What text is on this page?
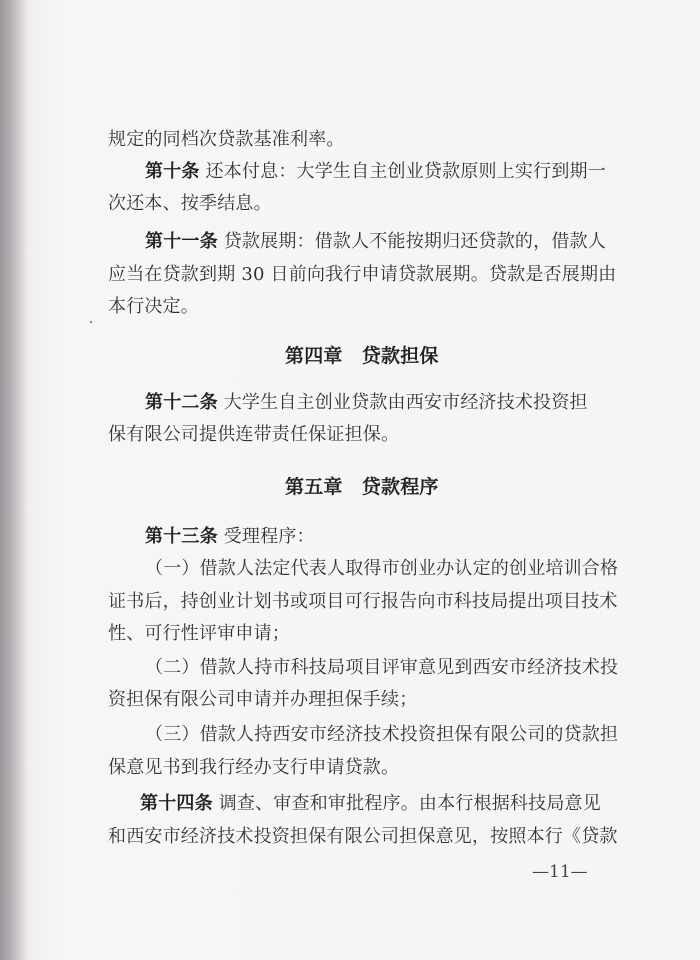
规定的同档次贷款基准利率。
第十条 还本付息：大学生自主创业贷款原则上实行到期一
次还本、按季结息。
第十一条 贷款展期：借款人不能按期归还贷款的，借款人
应当在贷款到期 30 日前向我行申请贷款展期。贷款是否展期由
本行决定。
第四章　贷款担保
第十二条 大学生自主创业贷款由西安市经济技术投资担
保有限公司提供连带责任保证担保。
第五章　贷款程序
第十三条 受理程序：
（一）借款人法定代表人取得市创业办认定的创业培训合格
证书后，持创业计划书或项目可行报告向市科技局提出项目技术
性、可行性评审申请；
（二）借款人持市科技局项目评审意见到西安市经济技术投
资担保有限公司申请并办理担保手续；
（三）借款人持西安市经济技术投资担保有限公司的贷款担
保意见书到我行经办支行申请贷款。
第十四条 调查、审查和审批程序。由本行根据科技局意见
和西安市经济技术投资担保有限公司担保意见，按照本行《贷款
—11—
